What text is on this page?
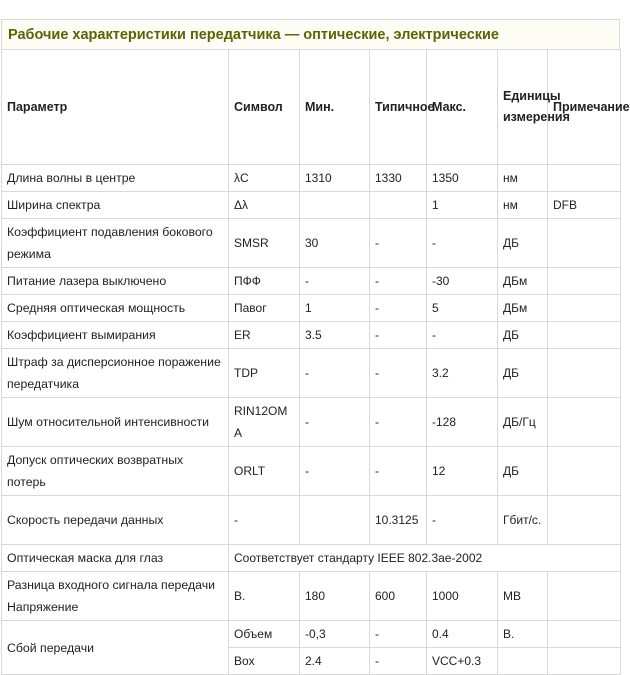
Рабочие характеристики передатчика — оптические, электрические
Параметр	Символ	Мин.	Типичное	Макс.	Единицы измерения	Примечание
Длина волны в центре	λC	1310	1330	1350	нм	
Ширина спектра	Δλ			1	нм	DFB
Коэффициент подавления бокового режима	SMSR	30	-	-	ДБ	
Питание лазера выключено	ПФФ	-	-	-30	ДБм	
Средняя оптическая мощность	Павог	1	-	5	ДБм	
Коэффициент вымирания	ER	3.5	-	-	ДБ	
Штраф за дисперсионное поражение передатчика	TDP	-	-	3.2	ДБ	
Шум относительной интенсивности	RIN12OMA	-	-	-128	ДБ/Гц	
Допуск оптических возвратных потерь	ORLT	-	-	12	ДБ	
Скорость передачи данных	-		10.3125	-	Гбит/с.	
Оптическая маска для глаз	Соответствует стандарту IEEE 802.3ae-2002					
Разница входного сигнала передачи Напряжение	В.	180	600	1000	МВ	
Сбой передачи	Объем	-0,3	-	0.4	В.	
	Box	2.4	-	VCC+0.3		
